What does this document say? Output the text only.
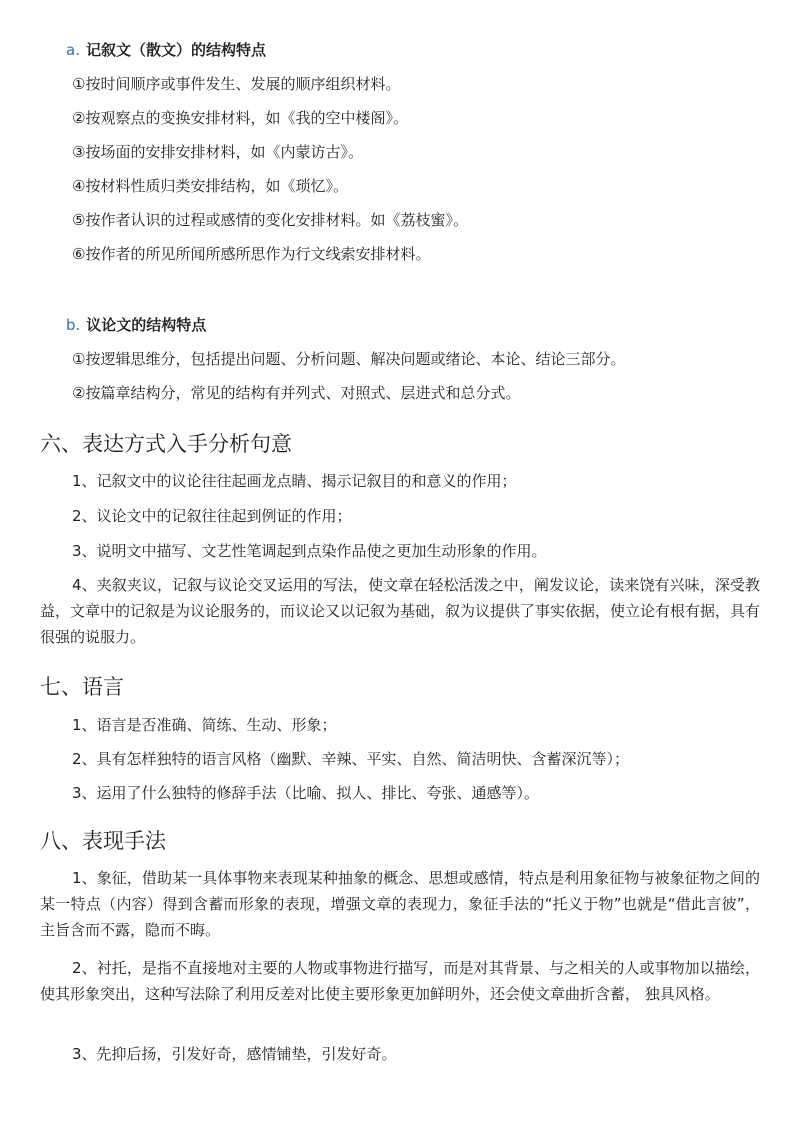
a. 记叙文（散文）的结构特点

①按时间顺序或事件发生、发展的顺序组织材料。

②按观察点的变换安排材料，如《我的空中楼阁》。

③按场面的安排安排材料，如《内蒙访古》。

④按材料性质归类安排结构，如《琐忆》。

⑤按作者认识的过程或感情的变化安排材料。如《荔枝蜜》。

⑥按作者的所见所闻所感所思作为行文线索安排材料。

b. 议论文的结构特点

①按逻辑思维分，包括提出问题、分析问题、解决问题或绪论、本论、结论三部分。

②按篇章结构分，常见的结构有并列式、对照式、层进式和总分式。

六、表达方式入手分析句意

1、记叙文中的议论往往起画龙点睛、揭示记叙目的和意义的作用；

2、议论文中的记叙往往起到例证的作用；

3、说明文中描写、文艺性笔调起到点染作品使之更加生动形象的作用。

4、夹叙夹议，记叙与议论交叉运用的写法，使文章在轻松活泼之中，阐发议论，读来饶有兴味，深受教益，文章中的记叙是为议论服务的，而议论又以记叙为基础，叙为议提供了事实依据，使立论有根有据，具有很强的说服力。

七、语言

1、语言是否准确、简练、生动、形象；

2、具有怎样独特的语言风格（幽默、辛辣、平实、自然、简洁明快、含蓄深沉等）；

3、运用了什么独特的修辞手法（比喻、拟人、排比、夸张、通感等）。

八、表现手法

1、象征，借助某一具体事物来表现某种抽象的概念、思想或感情，特点是利用象征物与被象征物之间的某一特点（内容）得到含蓄而形象的表现，增强文章的表现力，象征手法的“托义于物”也就是“借此言彼”，主旨含而不露，隐而不晦。

2、衬托，是指不直接地对主要的人物或事物进行描写，而是对其背景、与之相关的人或事物加以描绘，使其形象突出，这种写法除了利用反差对比使主要形象更加鲜明外，还会使文章曲折含蓄， 独具风格。

3、先抑后扬，引发好奇，感情铺垫，引发好奇。
